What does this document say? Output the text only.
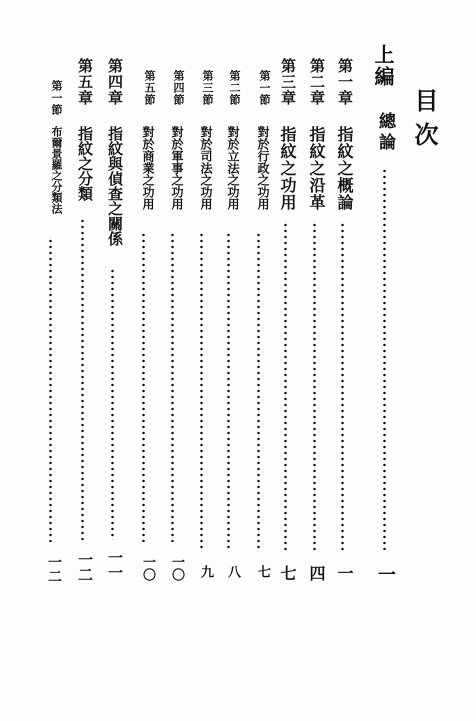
目次
上編
總論
一
第一章
指紋之概論
一
第二章
指紋之沿革
四
第三章
指紋之功用
七
第一節
對於行政之功用
七
第二節
對於立法之功用
八
第三節
對於司法之功用
九
第四節
對於軍事之功用
一〇
第五節
對於商業之功用
一〇
第四章
指紋與偵查之關係
一一
第五章
指紋之分類
一二
第一節
布爾景羅之分類法
一二
